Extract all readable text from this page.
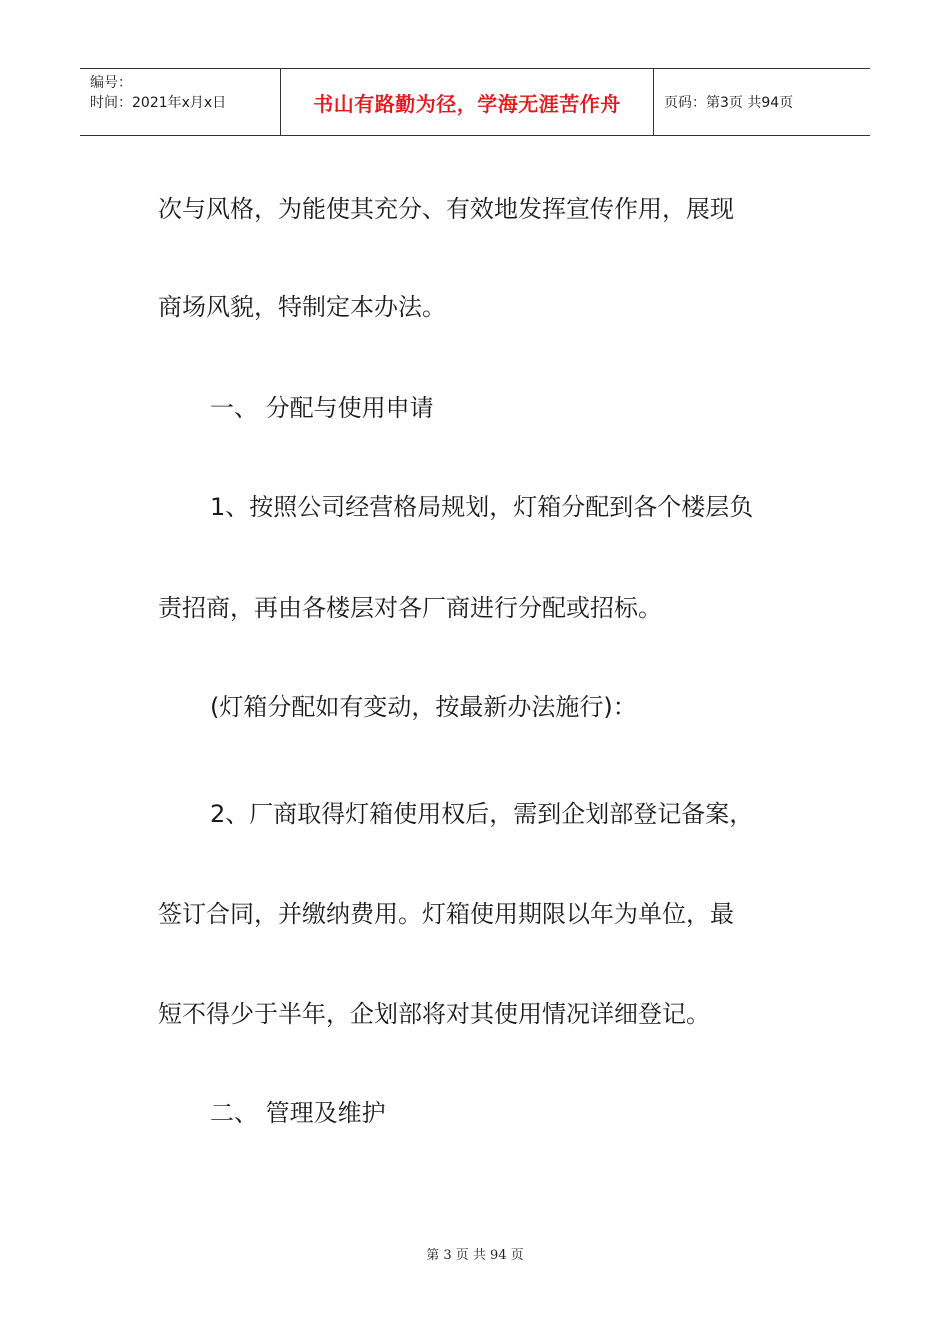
编号：
时间：2021年x月x日	书山有路勤为径，学海无涯苦作舟	页码：第3页 共94页
次与风格，为能使其充分、有效地发挥宣传作用，展现
商场风貌，特制定本办法。
一、 分配与使用申请
1、按照公司经营格局规划，灯箱分配到各个楼层负
责招商，再由各楼层对各厂商进行分配或招标。
(灯箱分配如有变动，按最新办法施行)：
2、厂商取得灯箱使用权后，需到企划部登记备案，
签订合同，并缴纳费用。灯箱使用期限以年为单位，最
短不得少于半年，企划部将对其使用情况详细登记。
二、 管理及维护
第 3 页 共 94 页
